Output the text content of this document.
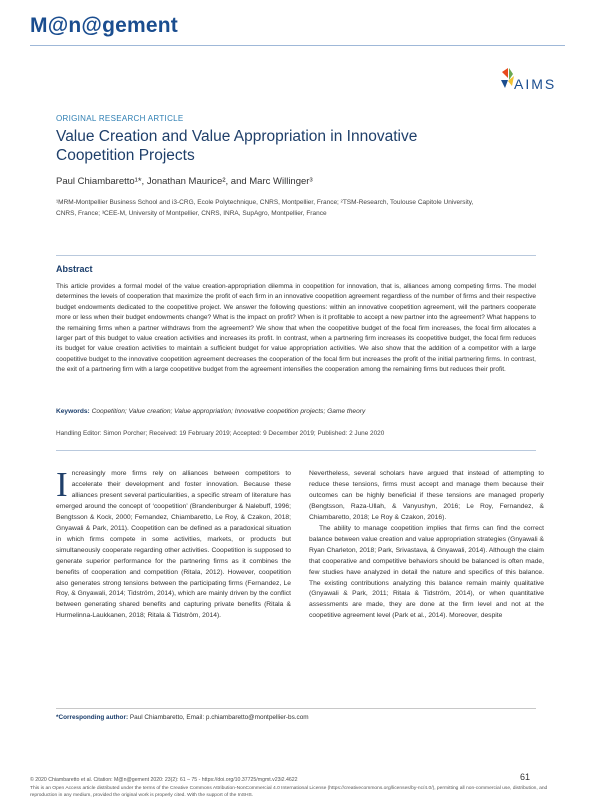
M@n@gement
AIMS
ORIGINAL RESEARCH ARTICLE
Value Creation and Value Appropriation in Innovative Coopetition Projects
Paul Chiambaretto¹*, Jonathan Maurice², and Marc Willinger³
¹MRM-Montpellier Business School and i3-CRG, Ecole Polytechnique, CNRS, Montpellier, France; ²TSM-Research, Toulouse Capitole University, CNRS, France; ³CEE-M, University of Montpellier, CNRS, INRA, SupAgro, Montpellier, France
Abstract
This article provides a formal model of the value creation-appropriation dilemma in coopetition for innovation, that is, alliances among competing firms. The model determines the levels of cooperation that maximize the profit of each firm in an innovative coopetition agreement regardless of the number of firms and their respective budget endowments dedicated to the coopetitive project. We answer the following questions: within an innovative coopetition agreement, will the partners cooperate more or less when their budget endowments change? What is the impact on profit? When is it profitable to accept a new partner into the agreement? What happens to the remaining firms when a partner withdraws from the agreement? We show that when the coopetitive budget of the focal firm increases, the focal firm allocates a larger part of this budget to value creation activities and increases its profit. In contrast, when a partnering firm increases its coopetitive budget, the focal firm reduces its budget for value creation activities to maintain a sufficient budget for value appropriation activities. We also show that the addition of a competitor with a large coopetitive budget to the innovative coopetition agreement decreases the cooperation of the focal firm but increases the profit of the initial partnering firms. In contrast, the exit of a partnering firm with a large coopetitive budget from the agreement intensifies the cooperation among the remaining firms but reduces their profit.
Keywords: Coopetition; Value creation; Value appropriation; Innovative coopetition projects; Game theory
Handling Editor: Simon Porcher; Received: 19 February 2019; Accepted: 9 December 2019; Published: 2 June 2020

Increasingly more firms rely on alliances between competitors to accelerate their development and foster innovation. Because these alliances present several particularities, a specific stream of literature has emerged around the concept of ‘coopetition’ (Brandenburger & Nalebuff, 1996; Bengtsson & Kock, 2000; Fernandez, Chiambaretto, Le Roy, & Czakon, 2018; Gnyawali & Park, 2011). Coopetition can be defined as a paradoxical situation in which firms compete in some activities, markets, or products but simultaneously cooperate regarding other activities. Coopetition is supposed to generate superior performance for the partnering firms as it combines the benefits of cooperation and competition (Ritala, 2012). However, coopetition also generates strong tensions between the participating firms (Fernandez, Le Roy, & Gnyawali, 2014; Tidström, 2014), which are mainly driven by the conflict between generating shared benefits and capturing private benefits (Ritala & Hurmelinna-Laukkanen, 2018; Ritala & Tidström, 2014).

Nevertheless, several scholars have argued that instead of attempting to reduce these tensions, firms must accept and manage them because their outcomes can be highly beneficial if these tensions are managed properly (Bengtsson, Raza-Ullah, & Vanyushyn, 2016; Le Roy, Fernandez, & Chiambaretto, 2018; Le Roy & Czakon, 2016).

The ability to manage coopetition implies that firms can find the correct balance between value creation and value appropriation strategies (Gnyawali & Ryan Charleton, 2018; Park, Srivastava, & Gnyawali, 2014). Although the claim that cooperative and competitive behaviors should be balanced is often made, few studies have analyzed in detail the nature and specifics of this balance. The existing contributions analyzing this balance remain mainly qualitative (Gnyawali & Park, 2011; Ritala & Tidström, 2014), or when quantitative assessments are made, they are done at the firm level and not at the coopetitive agreement level (Park et al., 2014). Moreover, despite

*Corresponding author: Paul Chiambaretto, Email: p.chiambaretto@montpellier-bs.com
61
© 2020 Chiambaretto et al. Citation: M@n@gement 2020: 23(2): 61 – 75 - https://doi.org/10.37725/mgmt.v23i2.4622
This is an Open Access article distributed under the terms of the Creative Commons Attribution-NonCommercial 4.0 International License (https://creativecommons.org/licenses/by-nc/4.0/), permitting all non-commercial use, distribution, and reproduction in any medium, provided the original work is properly cited. With the support of the InSHS.
